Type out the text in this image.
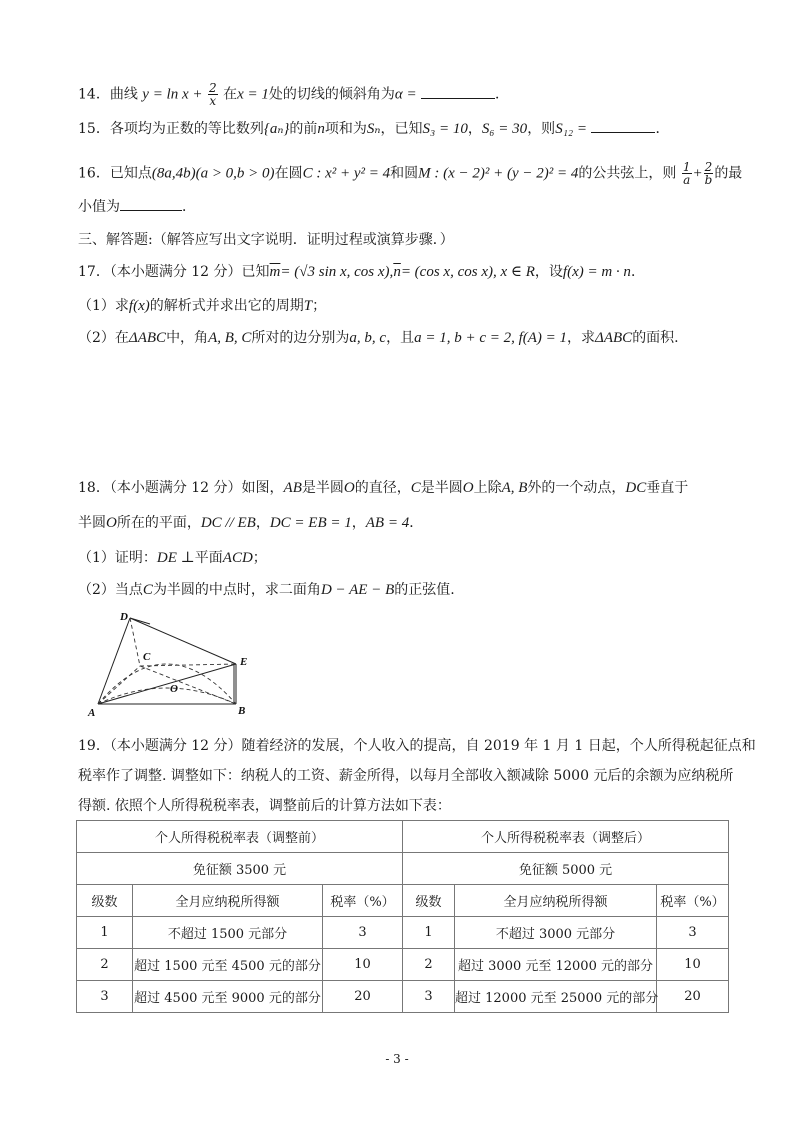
14．曲线 $y = \ln x + \frac{2}{x}$ 在x = 1处的切线的倾斜角为α =	．
15．各项均为正数的等比数列{aₙ}的前n项和为Sₙ，已知S₃ = 10，S₆ = 30，则S₁₂ =	．
16．已知点(8a,4b)(a > 0,b > 0)在圆C : x² + y² = 4和圆M : (x − 2)² + (y − 2)² = 4的公共弦上，则 $\frac{1}{a} + \frac{2}{b}$ 的最
小值为	．
三、解答题:（解答应写出文字说明．证明过程或演算步骤．）
17．（本小题满分 12 分）已知$\overline{m}= (√3$ sin x, $\cos x),\overline{n}= (\cos$ x, cos x), x ∈ R，设f(x) = m · n．
（1）求f(x)的解析式并求出它的周期T；
（2）在ΔABC中，角A, B, C所对的边分别为a, b, c，且a = 1, b + c = 2, f(A) = 1，求ΔABC的面积.
18．（本小题满分 12 分）如图，AB是半圆O的直径，C是半圆O上除A, B外的一个动点，DC垂直于
半圆O所在的平面，DC // EB，DC = EB = 1，AB = 4．
（1）证明：DE ⊥平面ACD；
（2）当点C为半圆的中点时，求二面角D − AE − B的正弦值.
D
C	E
O
A	B
19．（本小题满分 12 分）随着经济的发展，个人收入的提高，自 2019 年 1 月 1 日起，个人所得税起征点和
税率作了调整. 调整如下：纳税人的工资、薪金所得，以每月全部收入额减除 5000 元后的余额为应纳税所
得额. 依照个人所得税税率表，调整前后的计算方法如下表：
个人所得税税率表（调整前）			个人所得税税率表（调整后）		
免征额 3500 元			免征额 5000 元		
级数	全月应纳税所得额	税率（%）	级数	全月应纳税所得额	税率（%）
1	不超过 1500 元部分	3	1	不超过 3000 元部分	3
2	超过 1500 元至 4500 元的部分	10	2	超过 3000 元至 12000 元的部分	10
3	超过 4500 元至 9000 元的部分	20	3	超过 12000 元至 25000 元的部分	20
- 3 -
